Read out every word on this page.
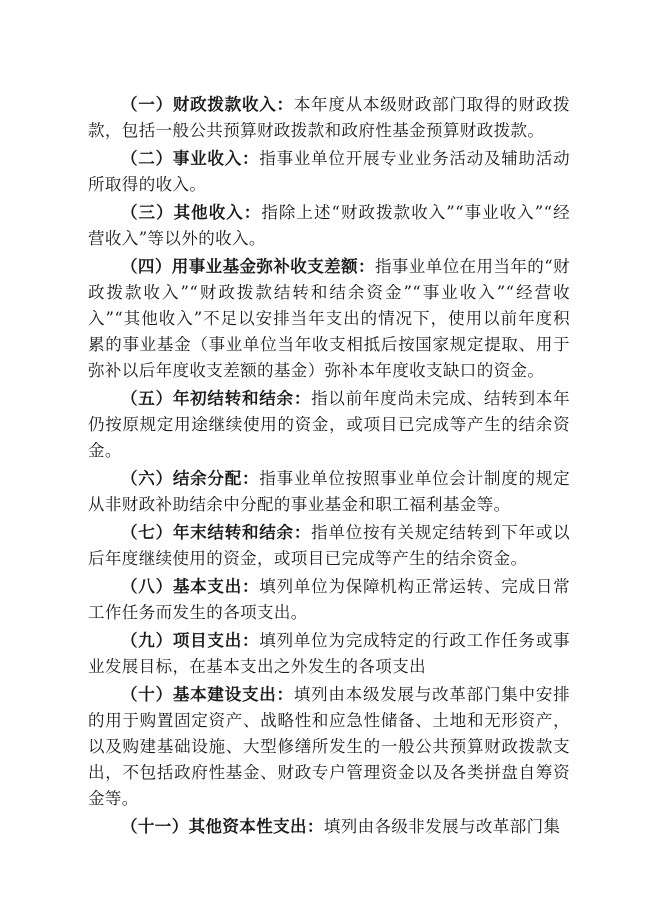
（一）财政拨款收入：本年度从本级财政部门取得的财政拨款，包括一般公共预算财政拨款和政府性基金预算财政拨款。

（二）事业收入：指事业单位开展专业业务活动及辅助活动所取得的收入。

（三）其他收入：指除上述“财政拨款收入”“事业收入”“经营收入”等以外的收入。

（四）用事业基金弥补收支差额：指事业单位在用当年的“财政拨款收入”“财政拨款结转和结余资金”“事业收入”“经营收入”“其他收入”不足以安排当年支出的情况下，使用以前年度积累的事业基金（事业单位当年收支相抵后按国家规定提取、用于弥补以后年度收支差额的基金）弥补本年度收支缺口的资金。

（五）年初结转和结余：指以前年度尚未完成、结转到本年仍按原规定用途继续使用的资金，或项目已完成等产生的结余资金。

（六）结余分配：指事业单位按照事业单位会计制度的规定从非财政补助结余中分配的事业基金和职工福利基金等。

（七）年末结转和结余：指单位按有关规定结转到下年或以后年度继续使用的资金，或项目已完成等产生的结余资金。

（八）基本支出：填列单位为保障机构正常运转、完成日常工作任务而发生的各项支出。

（九）项目支出：填列单位为完成特定的行政工作任务或事业发展目标，在基本支出之外发生的各项支出

（十）基本建设支出：填列由本级发展与改革部门集中安排的用于购置固定资产、战略性和应急性储备、土地和无形资产，以及购建基础设施、大型修缮所发生的一般公共预算财政拨款支出，不包括政府性基金、财政专户管理资金以及各类拼盘自筹资金等。

（十一）其他资本性支出：填列由各级非发展与改革部门集
